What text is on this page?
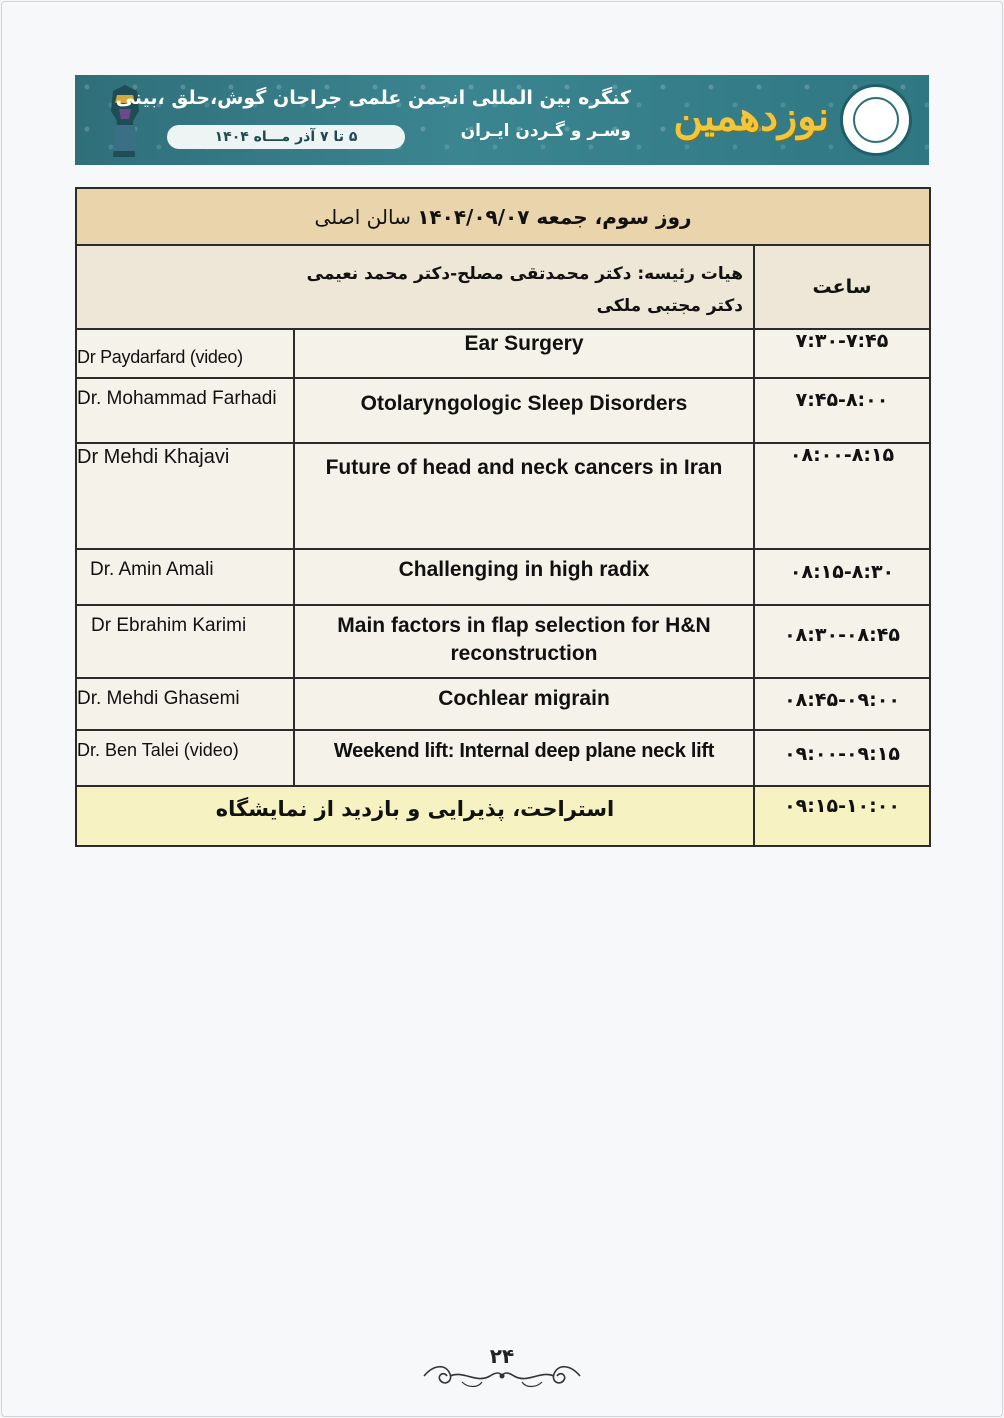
۵ تا ۷ آذر مـــاه ۱۴۰۴
کنگره بین المللی انجمن علمی جراحان گوش،حلق ،بینی
وسـر و گـردن ایـران نوزدهمین
روز سوم، جمعه ۱۴۰۴/۰۹/۰۷ سالن اصلی		

هیات رئیسه: دکتر محمدتقی مصلح-دکتر محمد نعیمی
دکتر مجتبی ملکی		ساعت
Dr Paydarfard (video)	Ear Surgery	۷:۳۰-۷:۴۵
Dr. Mohammad Farhadi	Otolaryngologic Sleep Disorders	۷:۴۵-۸:۰۰
Dr Mehdi Khajavi	Future of head and neck cancers in Iran	۰۸:۰۰-۸:۱۵
Dr. Amin Amali	Challenging in high radix	۰۸:۱۵-۸:۳۰
Dr Ebrahim Karimi	Main factors in flap selection for H&N reconstruction	۰۸:۳۰-۰۸:۴۵
Dr. Mehdi Ghasemi	Cochlear migrain	۰۸:۴۵-۰۹:۰۰
Dr. Ben Talei (video)	Weekend lift: Internal deep plane neck lift	۰۹:۰۰-۰۹:۱۵

استراحت، پذیرایی و بازدید از نمایشگاه		۰۹:۱۵-۱۰:۰۰
۲۴
